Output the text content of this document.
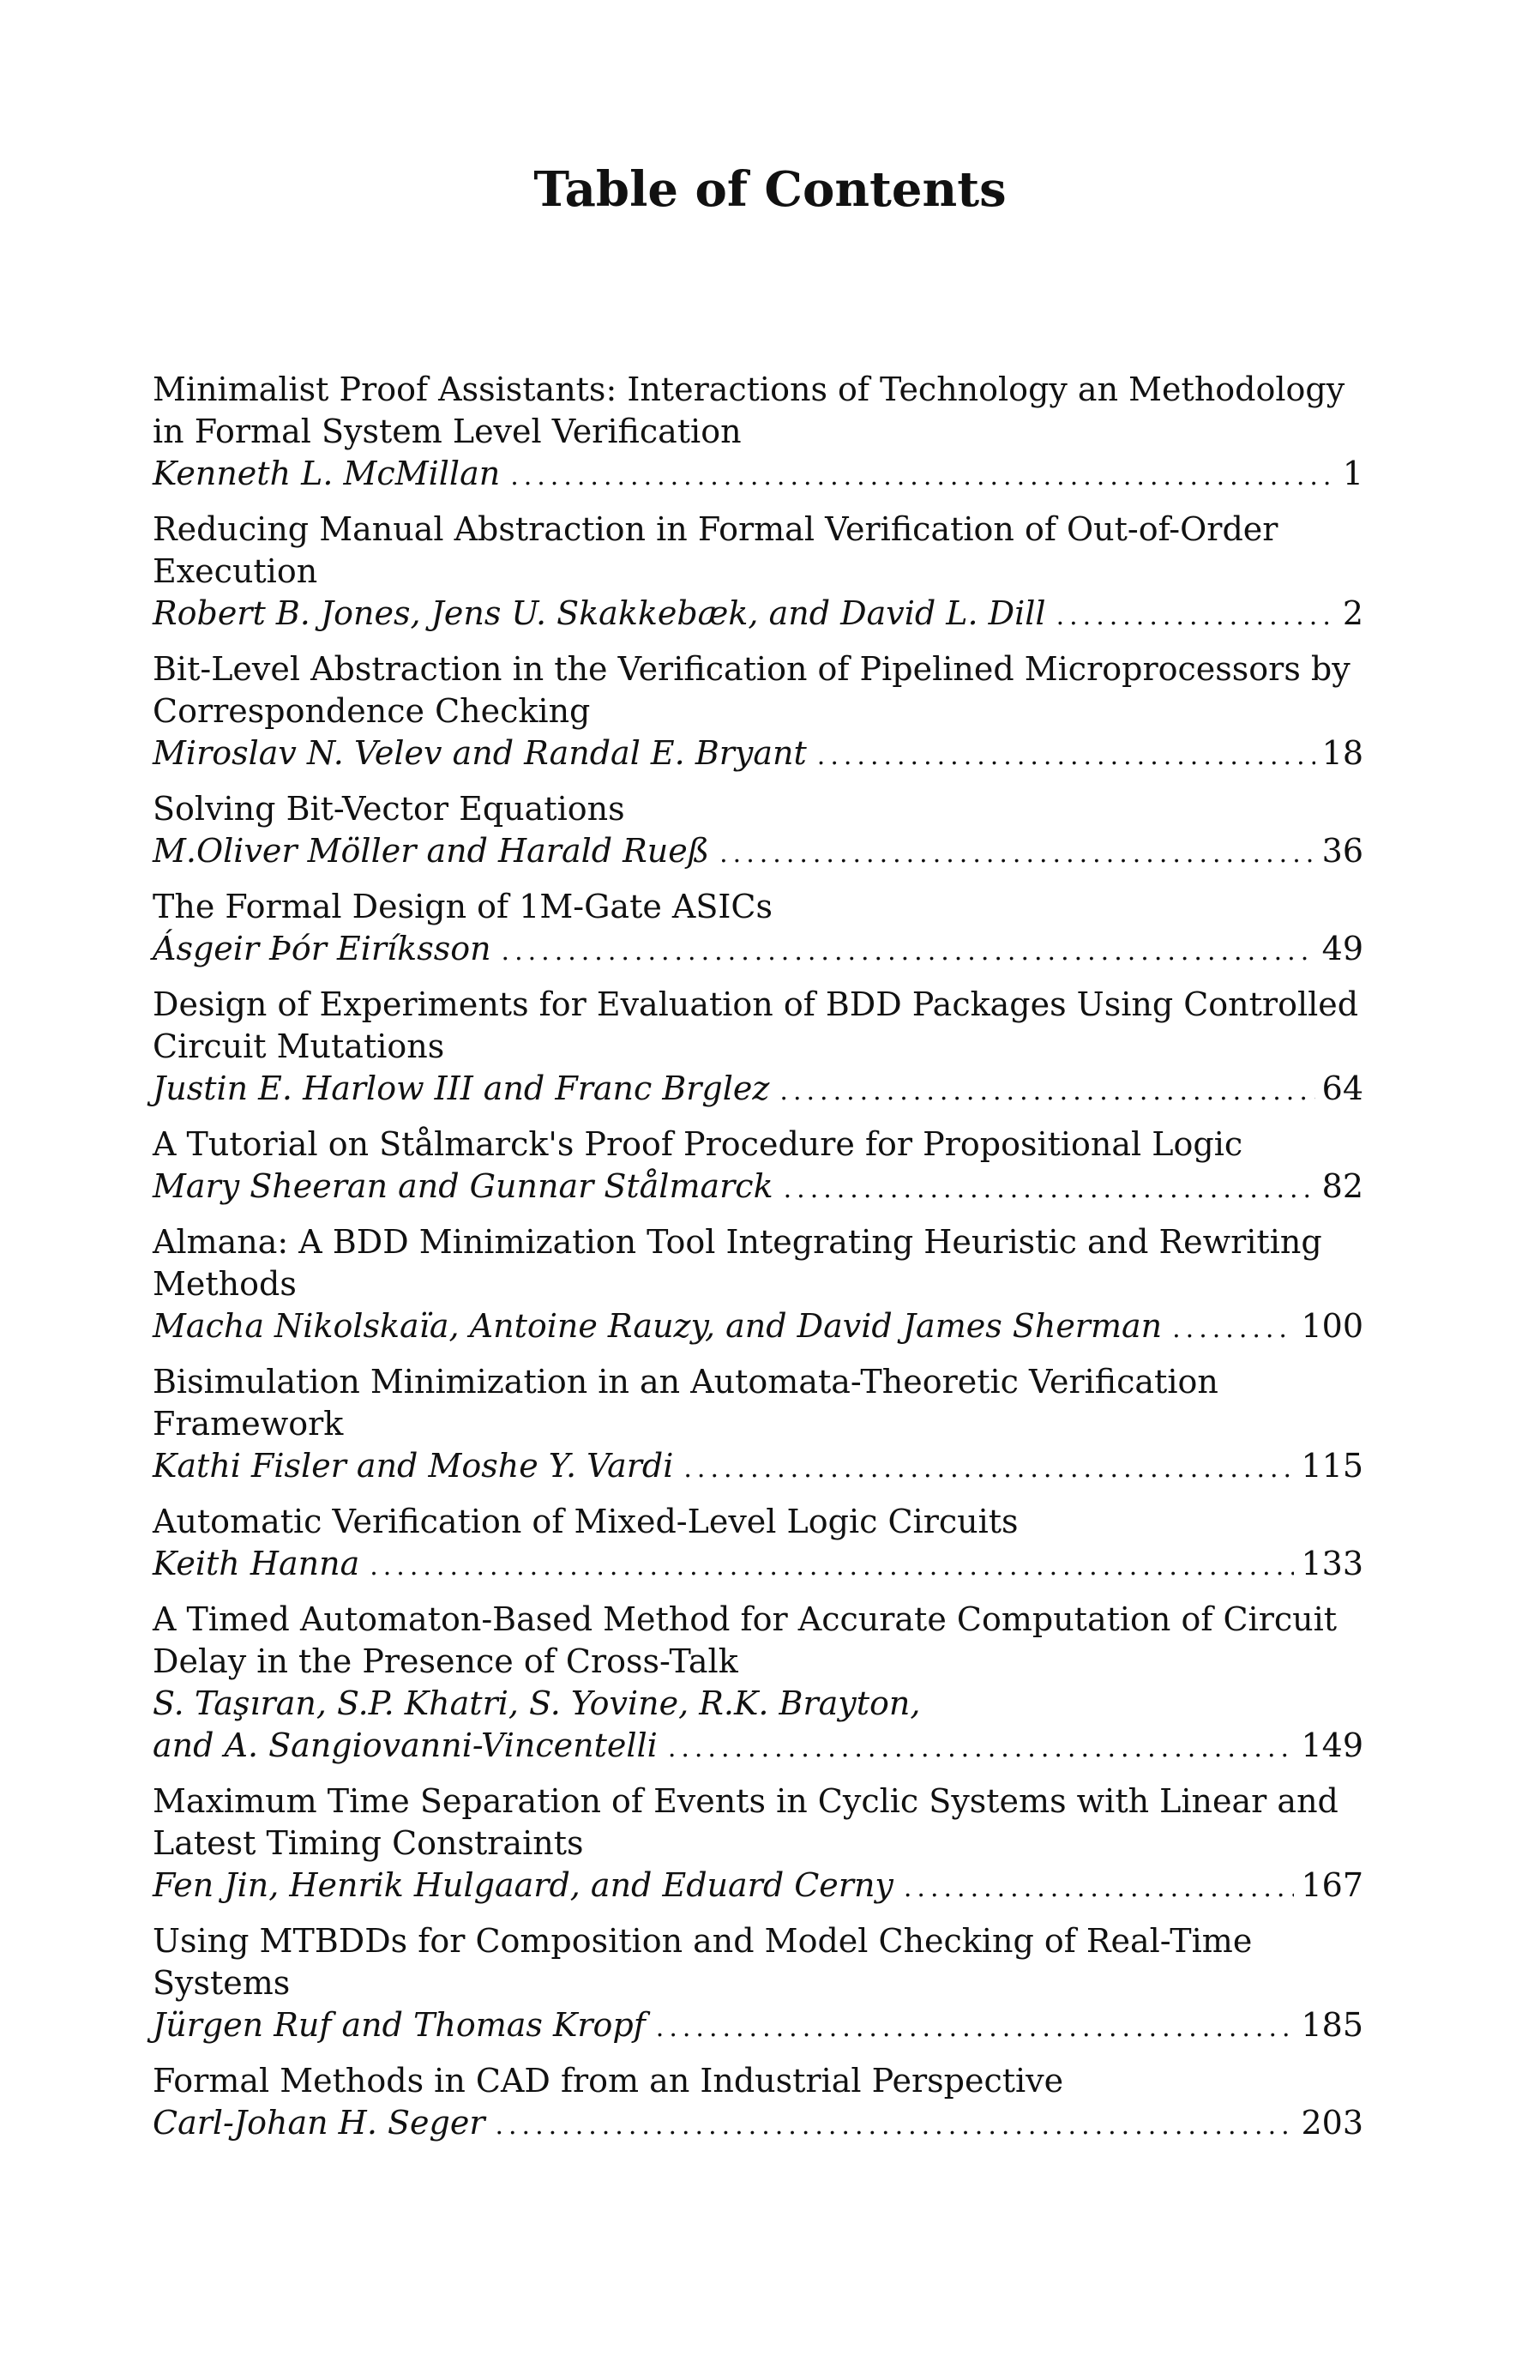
Table of Contents
Minimalist Proof Assistants: Interactions of Technology an Methodology in Formal System Level Verification
Kenneth L. McMillan .....	1
Reducing Manual Abstraction in Formal Verification of Out-of-Order Execution
Robert B. Jones, Jens U. Skakkebæk, and David L. Dill .....	2
Bit-Level Abstraction in the Verification of Pipelined Microprocessors by Correspondence Checking
Miroslav N. Velev and Randal E. Bryant .....	18
Solving Bit-Vector Equations
M.Oliver Möller and Harald Rueß .....	36
The Formal Design of 1M-Gate ASICs
Ásgeir Þór Eiríksson .....	49
Design of Experiments for Evaluation of BDD Packages Using Controlled Circuit Mutations
Justin E. Harlow III and Franc Brglez .....	64
A Tutorial on Stålmarck's Proof Procedure for Propositional Logic
Mary Sheeran and Gunnar Stålmarck .....	82
Almana: A BDD Minimization Tool Integrating Heuristic and Rewriting Methods
Macha Nikolskaïa, Antoine Rauzy, and David James Sherman .....	100
Bisimulation Minimization in an Automata-Theoretic Verification Framework
Kathi Fisler and Moshe Y. Vardi .....	115
Automatic Verification of Mixed-Level Logic Circuits
Keith Hanna .....	133
A Timed Automaton-Based Method for Accurate Computation of Circuit Delay in the Presence of Cross-Talk
S. Taşıran, S.P. Khatri, S. Yovine, R.K. Brayton,
and A. Sangiovanni-Vincentelli .....	149
Maximum Time Separation of Events in Cyclic Systems with Linear and Latest Timing Constraints
Fen Jin, Henrik Hulgaard, and Eduard Cerny .....	167
Using MTBDDs for Composition and Model Checking of Real-Time Systems
Jürgen Ruf and Thomas Kropf .....	185
Formal Methods in CAD from an Industrial Perspective
Carl-Johan H. Seger .....	203
